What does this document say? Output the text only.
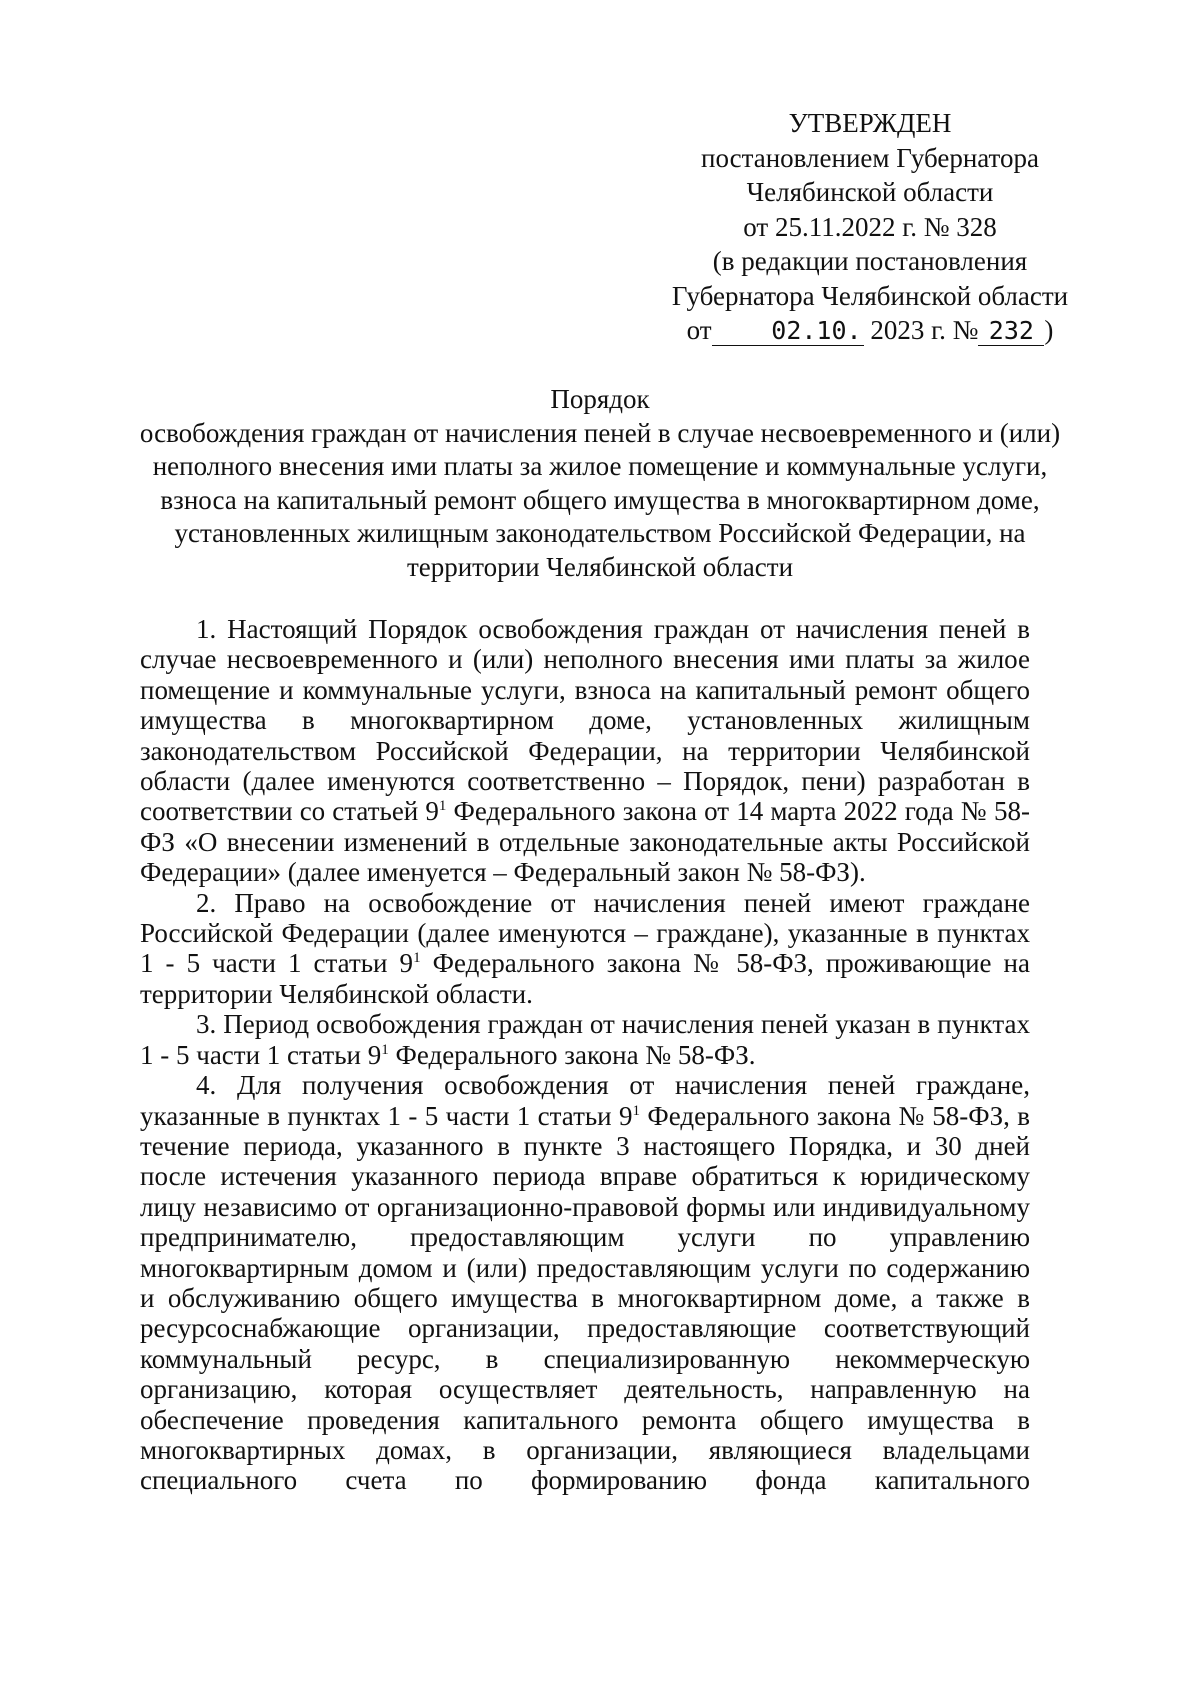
УТВЕРЖДЕН
постановлением Губернатора
Челябинской области
от 25.11.2022 г. № 328
(в редакции постановления
Губернатора Челябинской области
от 02.10. 2023 г. № 232 )
Порядок
освобождения граждан от начисления пеней в случае несвоевременного и (или)
неполного внесения ими платы за жилое помещение и коммунальные услуги,
взноса на капитальный ремонт общего имущества в многоквартирном доме,
установленных жилищным законодательством Российской Федерации, на
территории Челябинской области

1. Настоящий Порядок освобождения граждан от начисления пеней в случае несвоевременного и (или) неполного внесения ими платы за жилое помещение и коммунальные услуги, взноса на капитальный ремонт общего имущества в многоквартирном доме, установленных жилищным законодательством Российской Федерации, на территории Челябинской области (далее именуются соответственно – Порядок, пени) разработан в соответствии со статьей $9^1$ Федерального закона от 14 марта 2022 года № 58-ФЗ «О внесении изменений в отдельные законодательные акты Российской Федерации» (далее именуется – Федеральный закон № 58-ФЗ).

2. Право на освобождение от начисления пеней имеют граждане Российской Федерации (далее именуются – граждане), указанные в пунктах 1 - 5 части 1 статьи $9^1$ Федерального закона № 58-ФЗ, проживающие на территории Челябинской области.

3. Период освобождения граждан от начисления пеней указан в пунктах 1 - 5 части 1 статьи $9^1$ Федерального закона № 58-ФЗ.

4. Для получения освобождения от начисления пеней граждане, указанные в пунктах 1 - 5 части 1 статьи $9^1$ Федерального закона № 58-ФЗ, в течение периода, указанного в пункте 3 настоящего Порядка, и 30 дней после истечения указанного периода вправе обратиться к юридическому лицу независимо от организационно-правовой формы или индивидуальному предпринимателю, предоставляющим услуги по управлению многоквартирным домом и (или) предоставляющим услуги по содержанию и обслуживанию общего имущества в многоквартирном доме, а также в ресурсоснабжающие организации, предоставляющие соответствующий коммунальный ресурс, в специализированную некоммерческую организацию, которая осуществляет деятельность, направленную на обеспечение проведения капитального ремонта общего имущества в многоквартирных домах, в организации, являющиеся владельцами специального счета по формированию фонда капитального
